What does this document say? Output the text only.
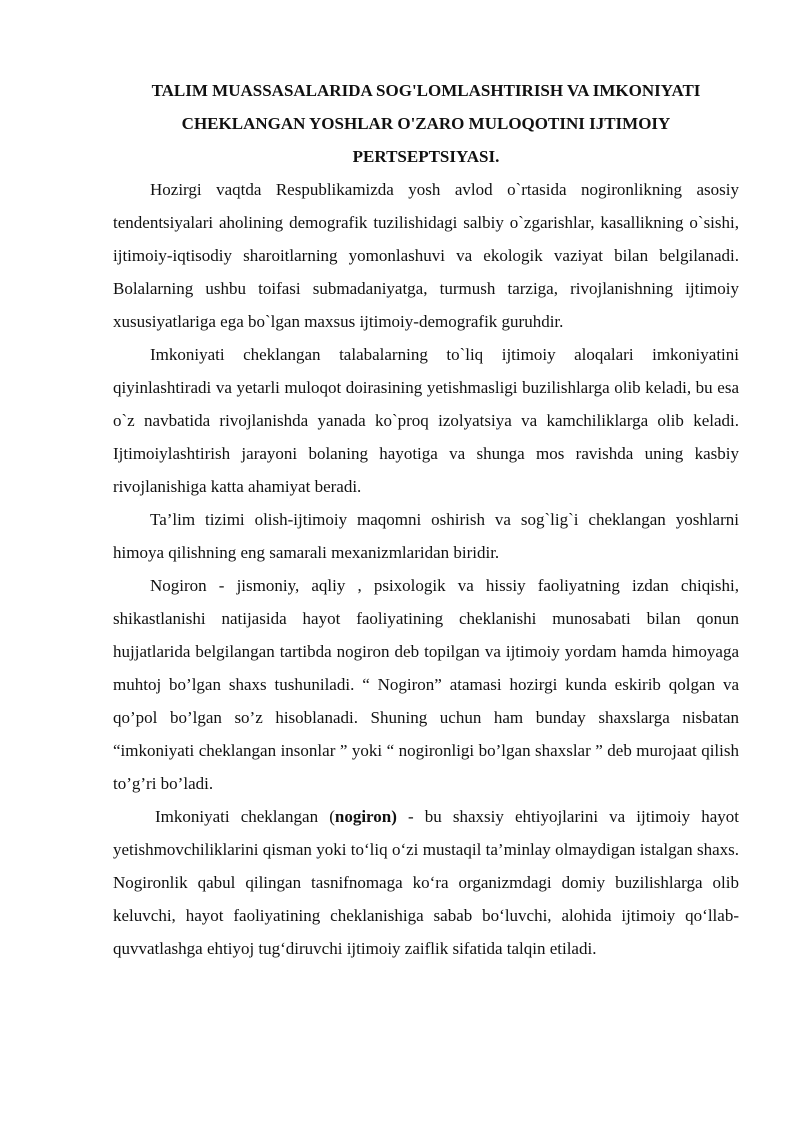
TALIM MUASSASALARIDA SOG'LOMLASHTIRISH VA IMKONIYATI CHEKLANGAN YOSHLAR O'ZARO MULOQOTINI IJTIMOIY PERTSEPTSIYASI.

Hozirgi vaqtda Respublikamizda yosh avlod o`rtasida nogironlikning asosiy tendentsiyalari aholining demografik tuzilishidagi salbiy o`zgarishlar, kasallikning o`sishi, ijtimoiy-iqtisodiy sharoitlarning yomonlashuvi va ekologik vaziyat bilan belgilanadi. Bolalarning ushbu toifasi submadaniyatga, turmush tarziga, rivojlanishning ijtimoiy xususiyatlariga ega bo`lgan maxsus ijtimoiy-demografik guruhdir.

Imkoniyati cheklangan talabalarning to`liq ijtimoiy aloqalari imkoniyatini qiyinlashtiradi va yetarli muloqot doirasining yetishmasligi buzilishlarga olib keladi, bu esa o`z navbatida rivojlanishda yanada ko`proq izolyatsiya va kamchiliklarga olib keladi. Ijtimoiylashtirish jarayoni bolaning hayotiga va shunga mos ravishda uning kasbiy rivojlanishiga katta ahamiyat beradi.

Ta’lim tizimi olish-ijtimoiy maqomni oshirish va sog`lig`i cheklangan yoshlarni himoya qilishning eng samarali mexanizmlaridan biridir.

Nogiron - jismoniy, aqliy , psixologik va hissiy faoliyatning izdan chiqishi, shikastlanishi natijasida hayot faoliyatining cheklanishi munosabati bilan qonun hujjatlarida belgilangan tartibda nogiron deb topilgan va ijtimoiy yordam hamda himoyaga muhtoj bo’lgan shaxs tushuniladi. “ Nogiron” atamasi hozirgi kunda eskirib qolgan va qo’pol bo’lgan so’z hisoblanadi. Shuning uchun ham bunday shaxslarga nisbatan “imkoniyati cheklangan insonlar ” yoki “ nogironligi bo’lgan shaxslar ” deb murojaat qilish to’g’ri bo’ladi.

Imkoniyati cheklangan (nogiron) - bu shaxsiy ehtiyojlarini va ijtimoiy hayot yetishmovchiliklarini qisman yoki to‘liq o‘zi mustaqil ta’minlay olmaydigan istalgan shaxs. Nogironlik qabul qilingan tasnifnomaga ko‘ra organizmdagi domiy buzilishlarga olib keluvchi, hayot faoliyatining cheklanishiga sabab bo‘luvchi, alohida ijtimoiy qo‘llab-quvvatlashga ehtiyoj tug‘diruvchi ijtimoiy zaiflik sifatida talqin etiladi.
